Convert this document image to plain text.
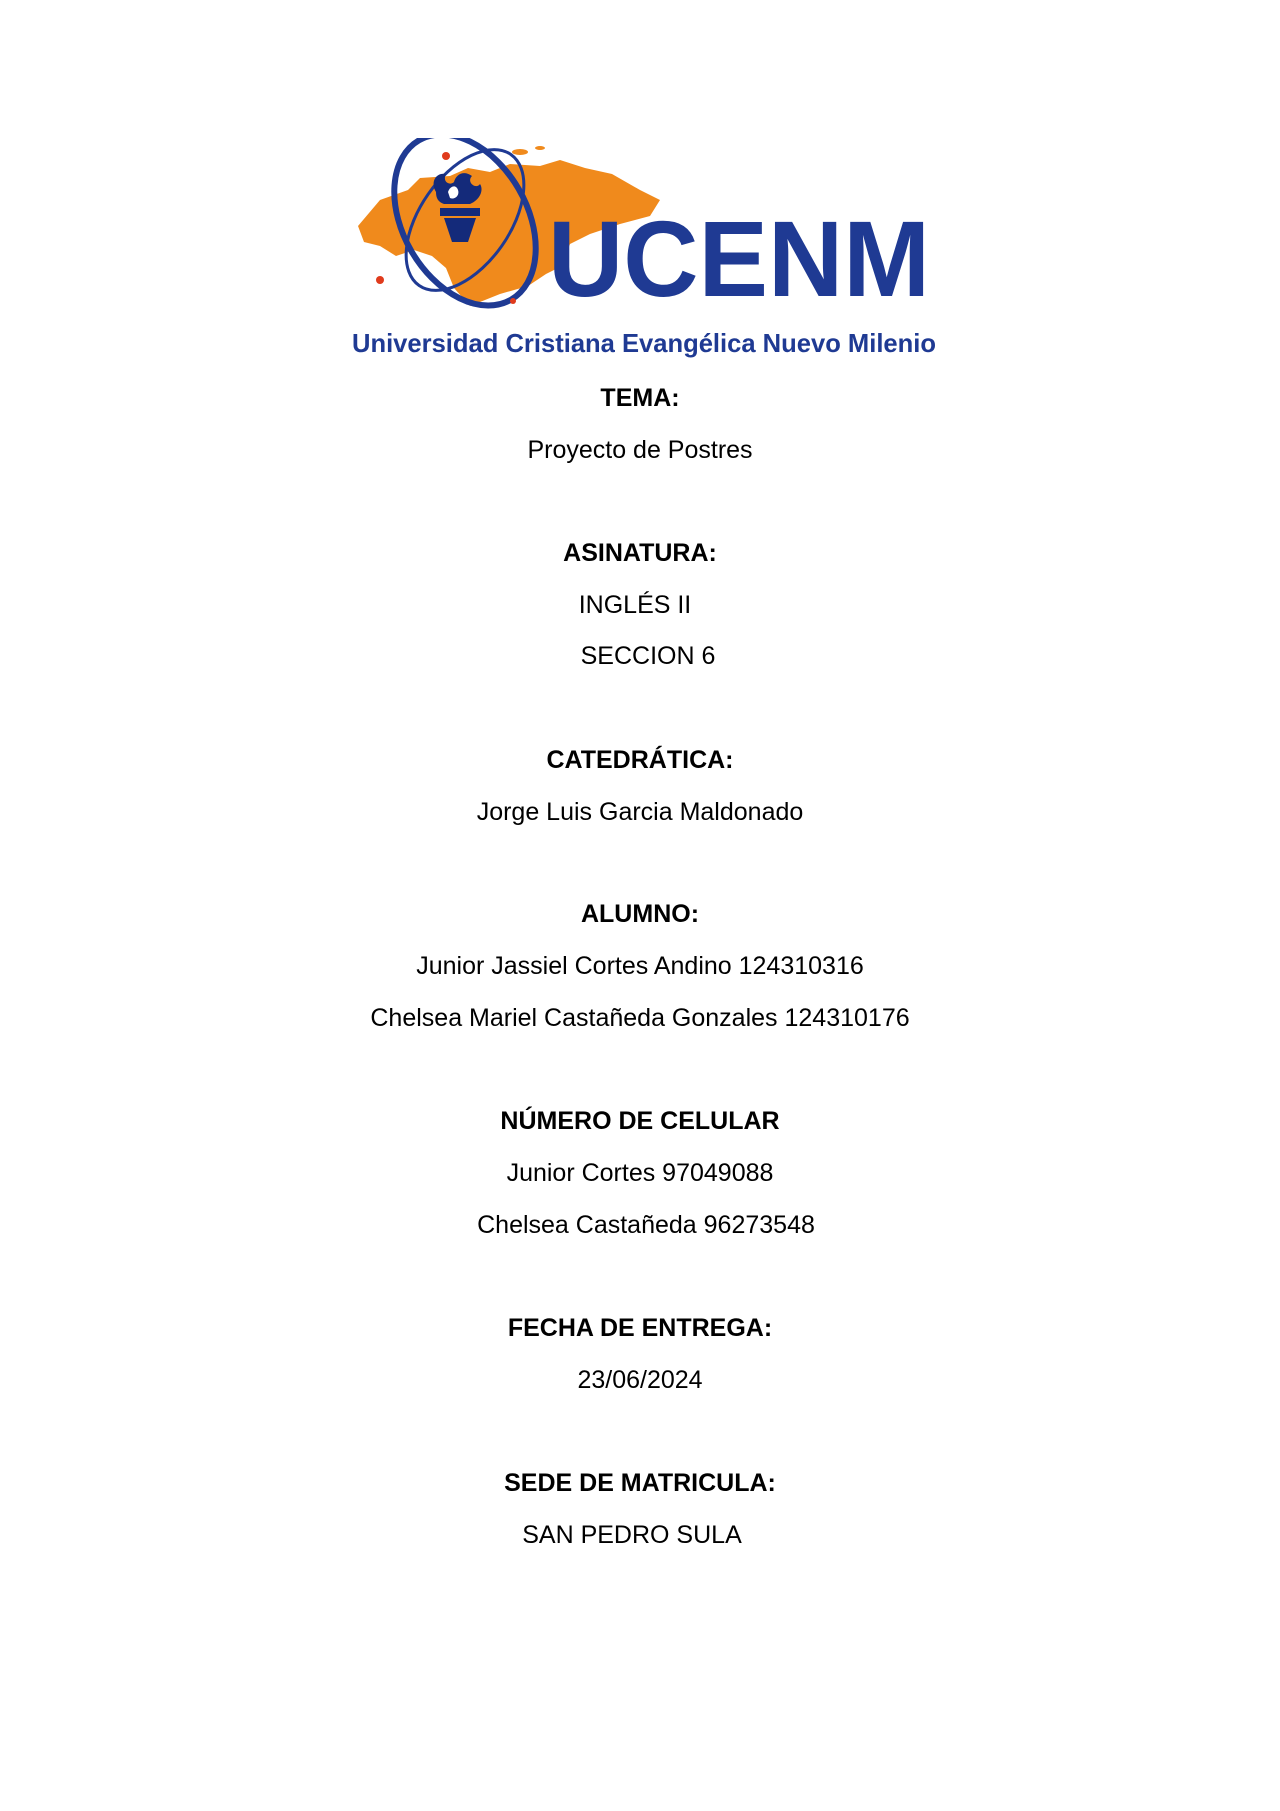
UCENM
Universidad Cristiana Evangélica Nuevo Milenio
TEMA:
Proyecto de Postres
ASINATURA:
INGLÉS II
SECCION 6
CATEDRÁTICA:
Jorge Luis Garcia Maldonado
ALUMNO:
Junior Jassiel Cortes Andino 124310316
Chelsea Mariel Castañeda Gonzales 124310176
NÚMERO DE CELULAR
Junior Cortes 97049088
Chelsea Castañeda 96273548
FECHA DE ENTREGA:
23/06/2024
SEDE DE MATRICULA:
SAN PEDRO SULA
